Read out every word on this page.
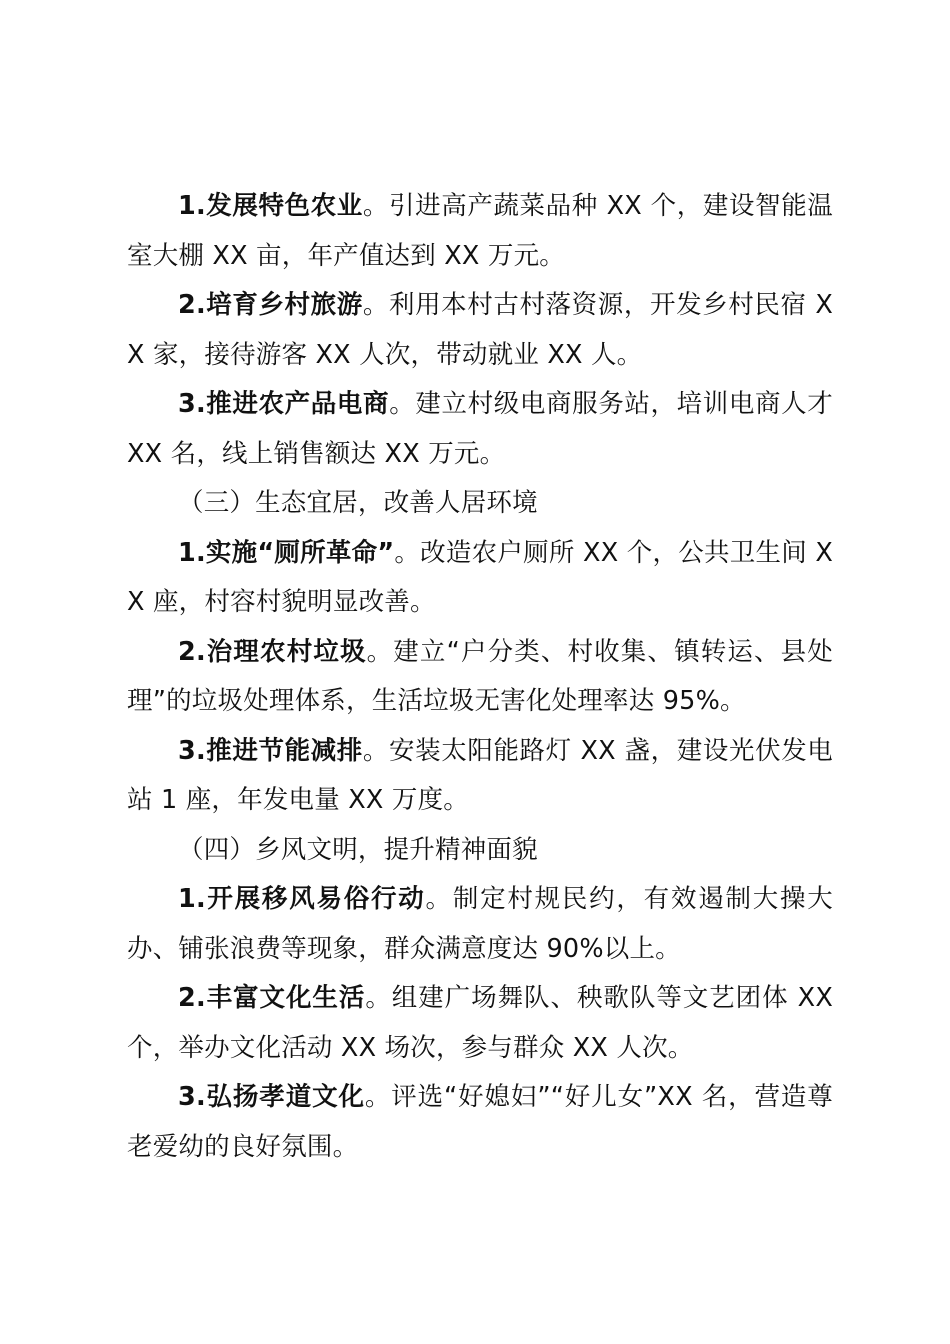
1.发展特色农业。引进高产蔬菜品种 XX 个，建设智能温室大棚 XX 亩，年产值达到 XX 万元。

2.培育乡村旅游。利用本村古村落资源，开发乡村民宿 XX 家，接待游客 XX 人次，带动就业 XX 人。

3.推进农产品电商。建立村级电商服务站，培训电商人才 XX 名，线上销售额达 XX 万元。

（三）生态宜居，改善人居环境

1.实施“厕所革命”。改造农户厕所 XX 个，公共卫生间 XX 座，村容村貌明显改善。

2.治理农村垃圾。建立“户分类、村收集、镇转运、县处理”的垃圾处理体系，生活垃圾无害化处理率达 95%。

3.推进节能减排。安装太阳能路灯 XX 盏，建设光伏发电站 1 座，年发电量 XX 万度。

（四）乡风文明，提升精神面貌

1.开展移风易俗行动。制定村规民约，有效遏制大操大办、铺张浪费等现象，群众满意度达 90%以上。

2.丰富文化生活。组建广场舞队、秧歌队等文艺团体 XX 个，举办文化活动 XX 场次，参与群众 XX 人次。

3.弘扬孝道文化。评选“好媳妇”“好儿女”XX 名，营造尊老爱幼的良好氛围。
